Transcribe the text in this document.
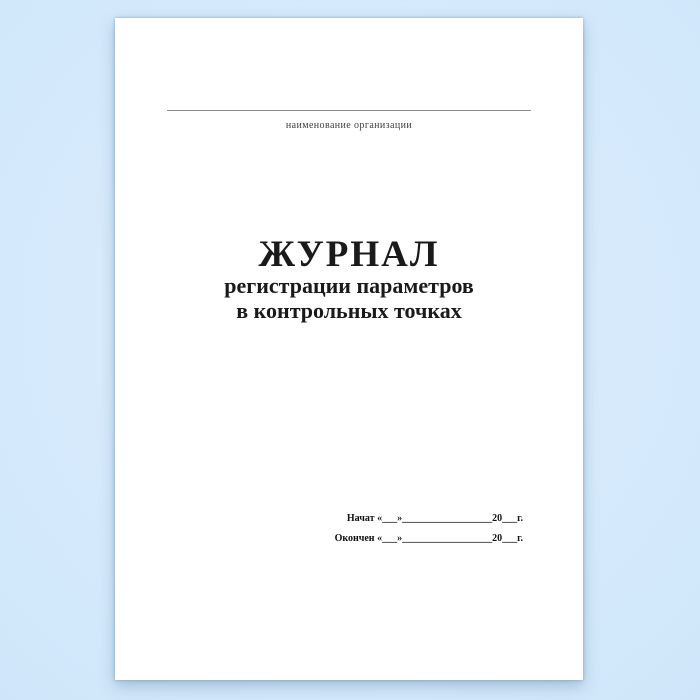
наименование организации
ЖУРНАЛ
регистрации параметров
в контрольных точках
Начат «___»__________________20___г.
Окончен «___»__________________20___г.
